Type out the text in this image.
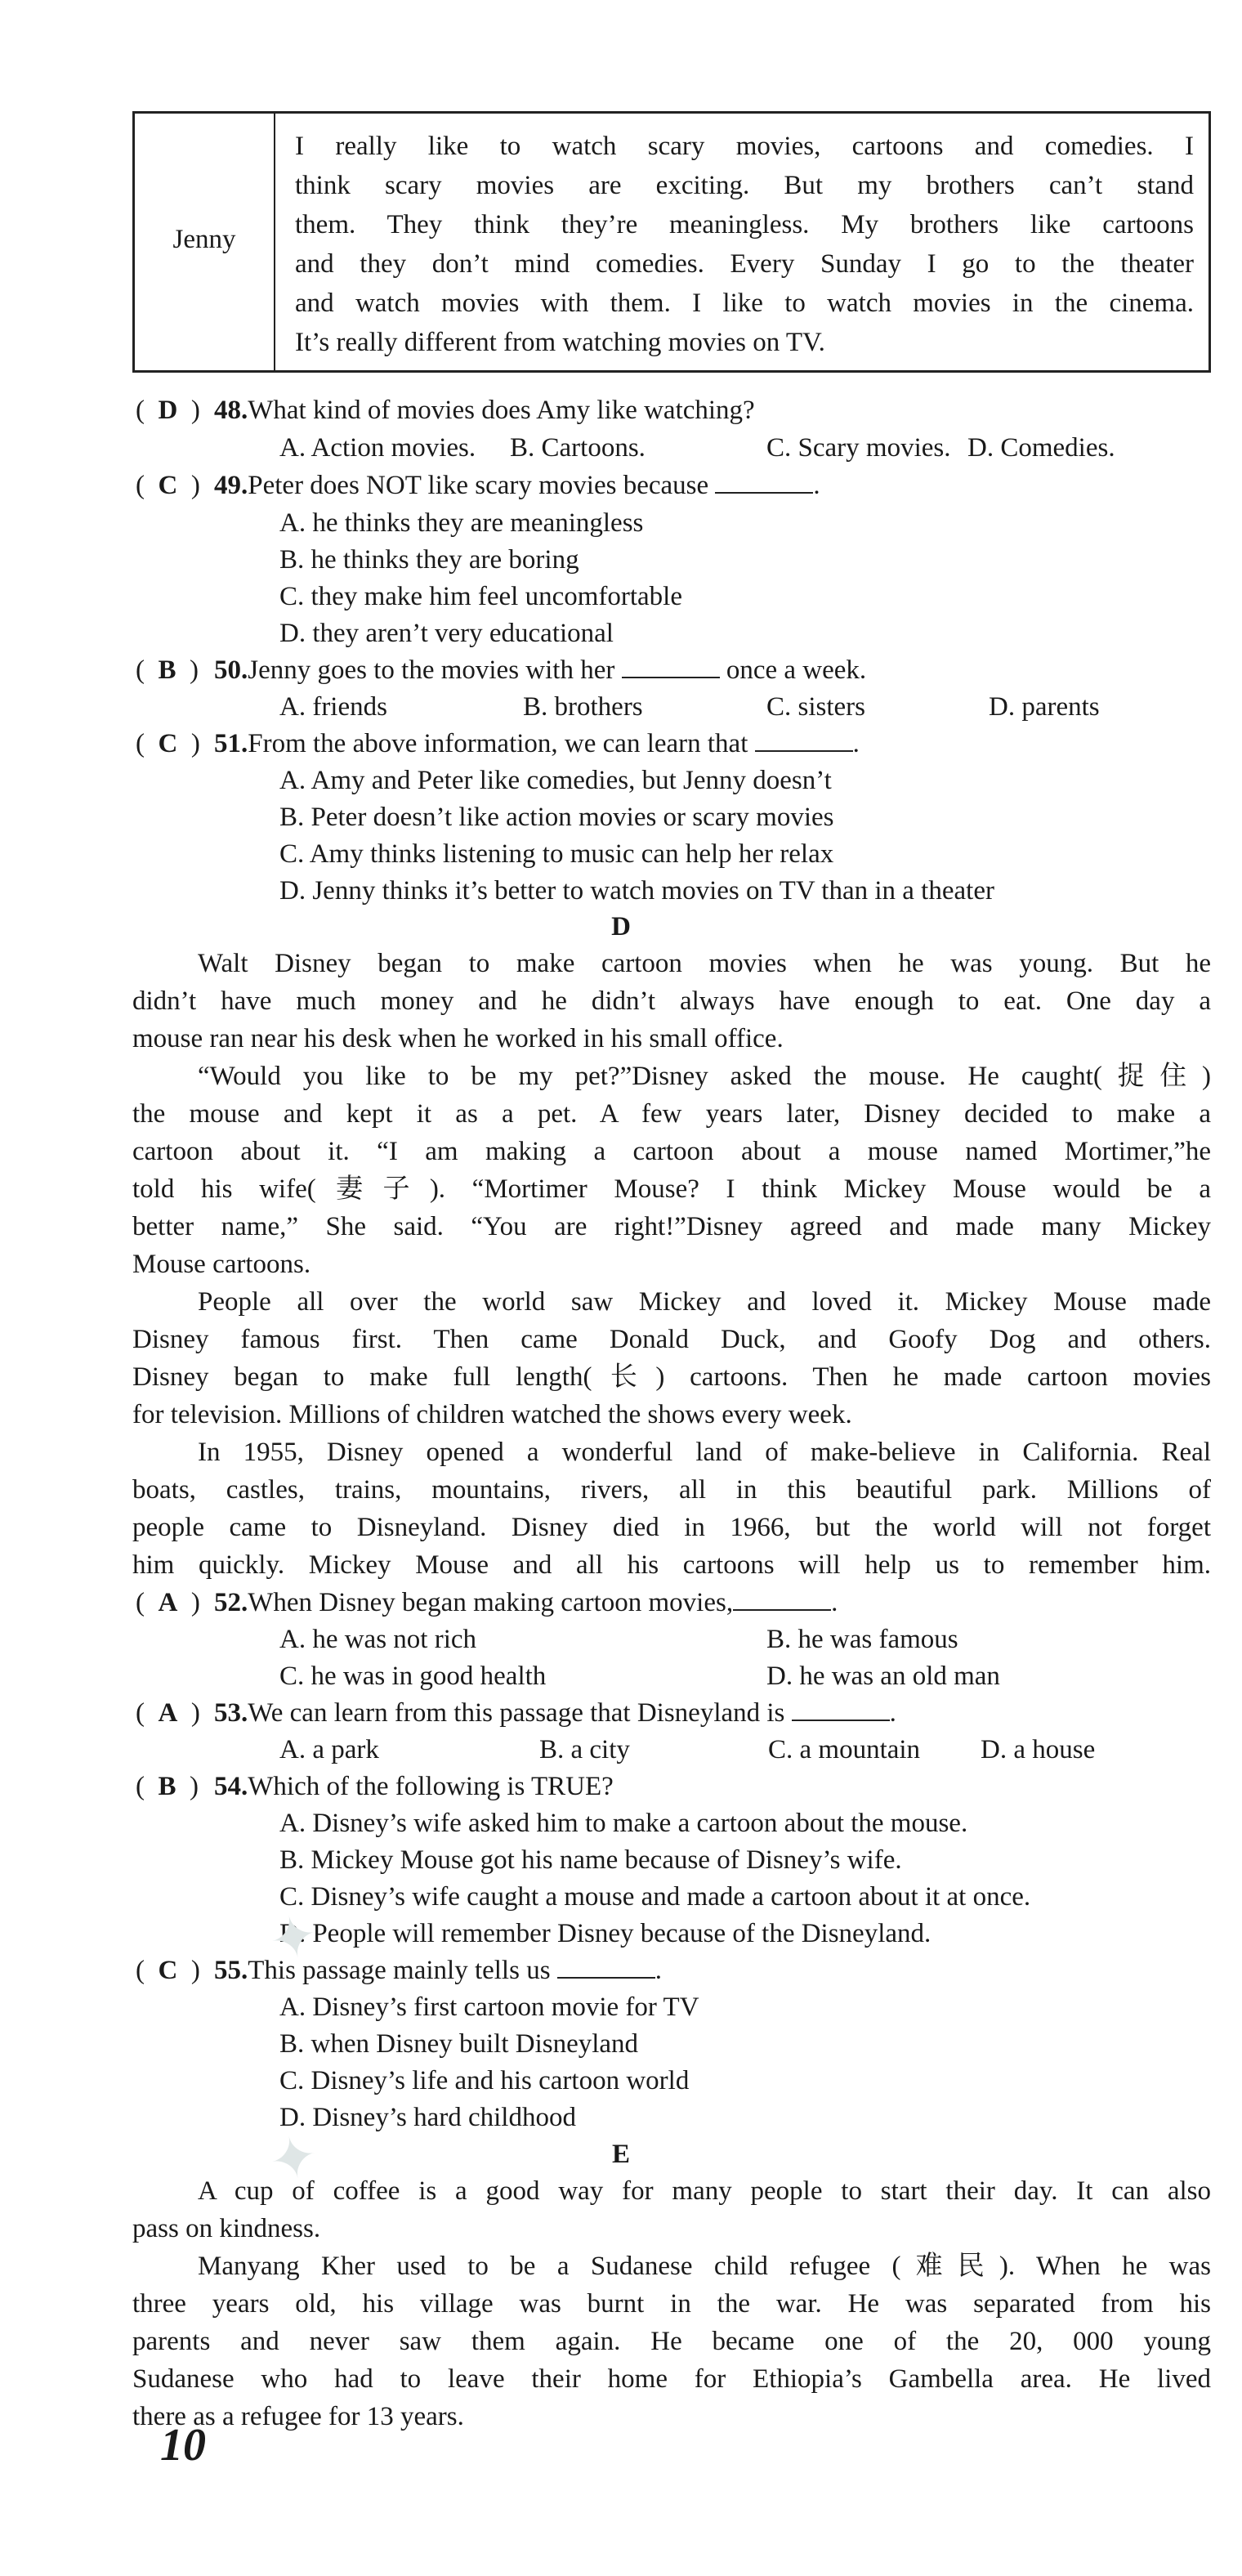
Jenny
I really like to watch scary movies, cartoons and comedies. I
think scary movies are exciting. But my brothers can’t stand
them. They think they’re meaningless. My brothers like cartoons
and they don’t mind comedies. Every Sunday I go to the theater
and watch movies with them. I like to watch movies in the cinema.
It’s really different from watching movies on TV.
(  D  ) 48.What kind of movies does Amy like watching?
A. Action movies. B. Cartoons.	C. Scary movies. D. Comedies.
(  C  ) 49.Peter does NOT like scary movies because	.
A. he thinks they are meaningless
B. he thinks they are boring
C. they make him feel uncomfortable
D. they aren’t very educational
(  B  ) 50.Jenny goes to the movies with her	once a week.
A. friends	B. brothers	C. sisters	D. parents
(  C  ) 51.From the above information, we can learn that	.
A. Amy and Peter like comedies, but Jenny doesn’t
B. Peter doesn’t like action movies or scary movies
C. Amy thinks listening to music can help her relax
D. Jenny thinks it’s better to watch movies on TV than in a theater
D
Walt Disney began to make cartoon movies when he was young. But he
didn’t have much money and he didn’t always have enough to eat. One day a
mouse ran near his desk when he worked in his small office.
“Would you like to be my pet?”Disney asked the mouse. He caught(捉住)
the mouse and kept it as a pet. A few years later, Disney decided to make a
cartoon about it. “I am making a cartoon about a mouse named Mortimer,”he
told his wife(妻子). “Mortimer Mouse? I think Mickey Mouse would be a
better name,” She said. “You are right!”Disney agreed and made many Mickey
Mouse cartoons.
People all over the world saw Mickey and loved it. Mickey Mouse made
Disney famous first. Then came Donald Duck, and Goofy Dog and others.
Disney began to make full length(长) cartoons. Then he made cartoon movies
for television. Millions of children watched the shows every week.
In 1955, Disney opened a wonderful land of make-believe in California. Real
boats, castles, trains, mountains, rivers, all in this beautiful park. Millions of
people came to Disneyland. Disney died in 1966, but the world will not forget
him quickly. Mickey Mouse and all his cartoons will help us to remember him.
(  A  ) 52.When Disney began making cartoon movies,	.
A. he was not rich	B. he was famous
C. he was in good health	D. he was an old man
(  A  ) 53.We can learn from this passage that Disneyland is	.
A. a park	B. a city	C. a mountain D. a house
(  B  ) 54.Which of the following is TRUE?
A. Disney’s wife asked him to make a cartoon about the mouse.
B. Mickey Mouse got his name because of Disney’s wife.
C. Disney’s wife caught a mouse and made a cartoon about it at once.
D. People will remember Disney because of the Disneyland.
(  C  ) 55.This passage mainly tells us	.
A. Disney’s first cartoon movie for TV
B. when Disney built Disneyland
C. Disney’s life and his cartoon world
D. Disney’s hard childhood
E
A cup of coffee is a good way for many people to start their day. It can also
pass on kindness.
Manyang Kher used to be a Sudanese child refugee (难民). When he was
three years old, his village was burnt in the war. He was separated from his
parents and never saw them again. He became one of the 20, 000 young
Sudanese who had to leave their home for Ethiopia’s Gambella area. He lived
there as a refugee for 13 years.
✦
✦
10
